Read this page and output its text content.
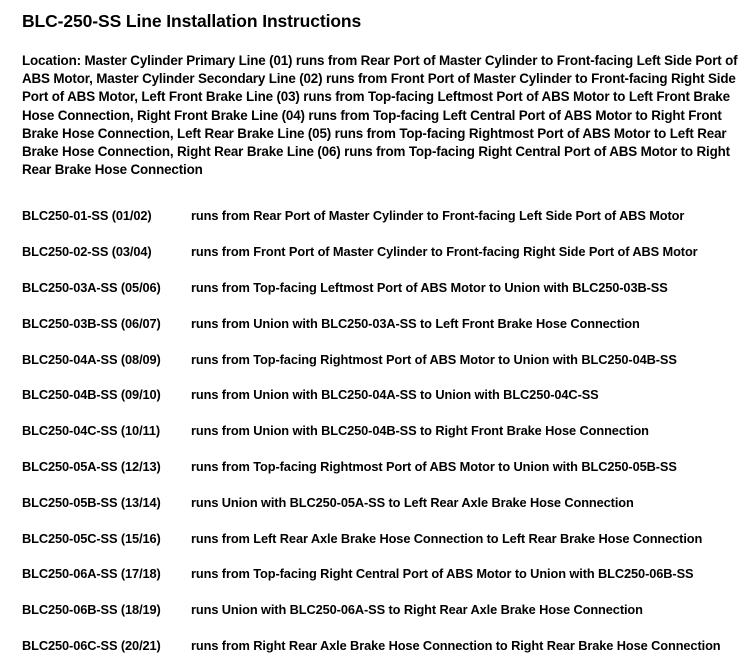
BLC-250-SS Line Installation Instructions
Location: Master Cylinder Primary Line (01) runs from Rear Port of Master Cylinder to Front-facing Left Side Port of ABS Motor, Master Cylinder Secondary Line (02) runs from Front Port of Master Cylinder to Front-facing Right Side Port of ABS Motor, Left Front Brake Line (03) runs from Top-facing Leftmost Port of ABS Motor to Left Front Brake Hose Connection, Right Front Brake Line (04) runs from Top-facing Left Central Port of ABS Motor to Right Front Brake Hose Connection, Left Rear Brake Line (05) runs from Top-facing Rightmost Port of ABS Motor to Left Rear Brake Hose Connection, Right Rear Brake Line (06) runs from Top-facing Right Central Port of ABS Motor to Right Rear Brake Hose Connection
BLC250-01-SS (01/02)	runs from Rear Port of Master Cylinder to Front-facing Left Side Port of ABS Motor
BLC250-02-SS (03/04)	runs from Front Port of Master Cylinder to Front-facing Right Side Port of ABS Motor
BLC250-03A-SS (05/06) runs from Top-facing Leftmost Port of ABS Motor to Union with BLC250-03B-SS
BLC250-03B-SS (06/07) runs from Union with BLC250-03A-SS to Left Front Brake Hose Connection
BLC250-04A-SS (08/09) runs from Top-facing Rightmost Port of ABS Motor to Union with BLC250-04B-SS
BLC250-04B-SS (09/10) runs from Union with BLC250-04A-SS to Union with BLC250-04C-SS
BLC250-04C-SS (10/11) runs from Union with BLC250-04B-SS to Right Front Brake Hose Connection
BLC250-05A-SS (12/13) runs from Top-facing Rightmost Port of ABS Motor to Union with BLC250-05B-SS
BLC250-05B-SS (13/14) runs Union with BLC250-05A-SS to Left Rear Axle Brake Hose Connection
BLC250-05C-SS (15/16) runs from Left Rear Axle Brake Hose Connection to Left Rear Brake Hose Connection
BLC250-06A-SS (17/18) runs from Top-facing Right Central Port of ABS Motor to Union with BLC250-06B-SS
BLC250-06B-SS (18/19) runs Union with BLC250-06A-SS to Right Rear Axle Brake Hose Connection
BLC250-06C-SS (20/21) runs from Right Rear Axle Brake Hose Connection to Right Rear Brake Hose Connection
